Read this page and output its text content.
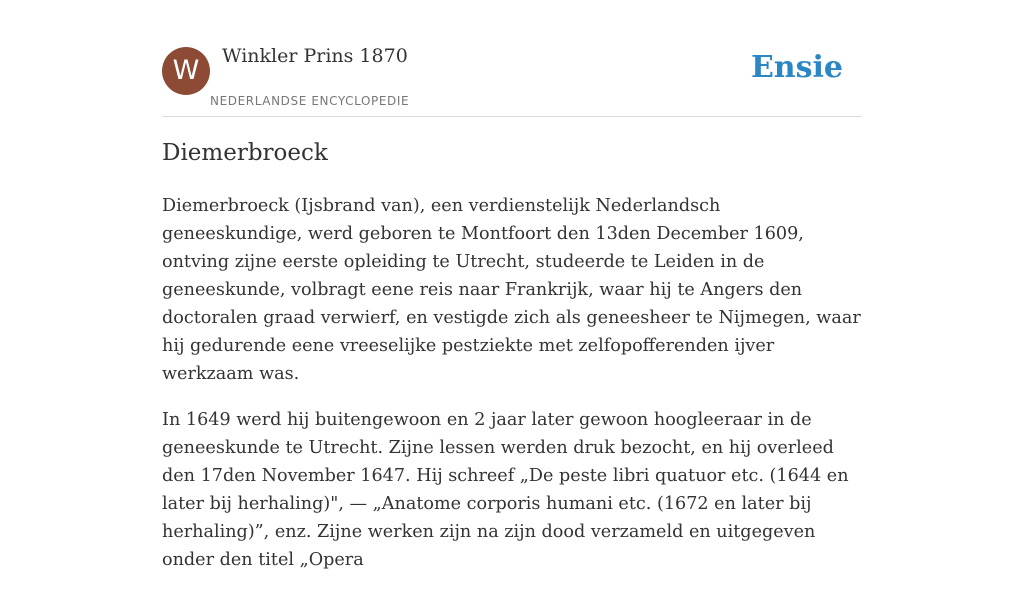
W	Winkler Prins 1870
NEDERLANDSE ENCYCLOPEDIE
Ensie
Diemerbroeck

Diemerbroeck (Ijsbrand van), een verdienstelijk Nederlandsch geneeskundige, werd geboren te Montfoort den 13den December 1609, ontving zijne eerste opleiding te Utrecht, studeerde te Leiden in de geneeskunde, volbragt eene reis naar Frankrijk, waar hij te Angers den doctoralen graad verwierf, en vestigde zich als geneesheer te Nijmegen, waar hij gedurende eene vreeselijke pestziekte met zelfopofferenden ijver werkzaam was.

In 1649 werd hij buitengewoon en 2 jaar later gewoon hoogleeraar in de geneeskunde te Utrecht. Zijne lessen werden druk bezocht, en hij overleed den 17den November 1647. Hij schreef „De peste libri quatuor etc. (1644 en later bij herhaling)", — „Anatome corporis humani etc. (1672 en later bij herhaling)”, enz. Zijne werken zijn na zijn dood verzameld en uitgegeven onder den titel „Opera
